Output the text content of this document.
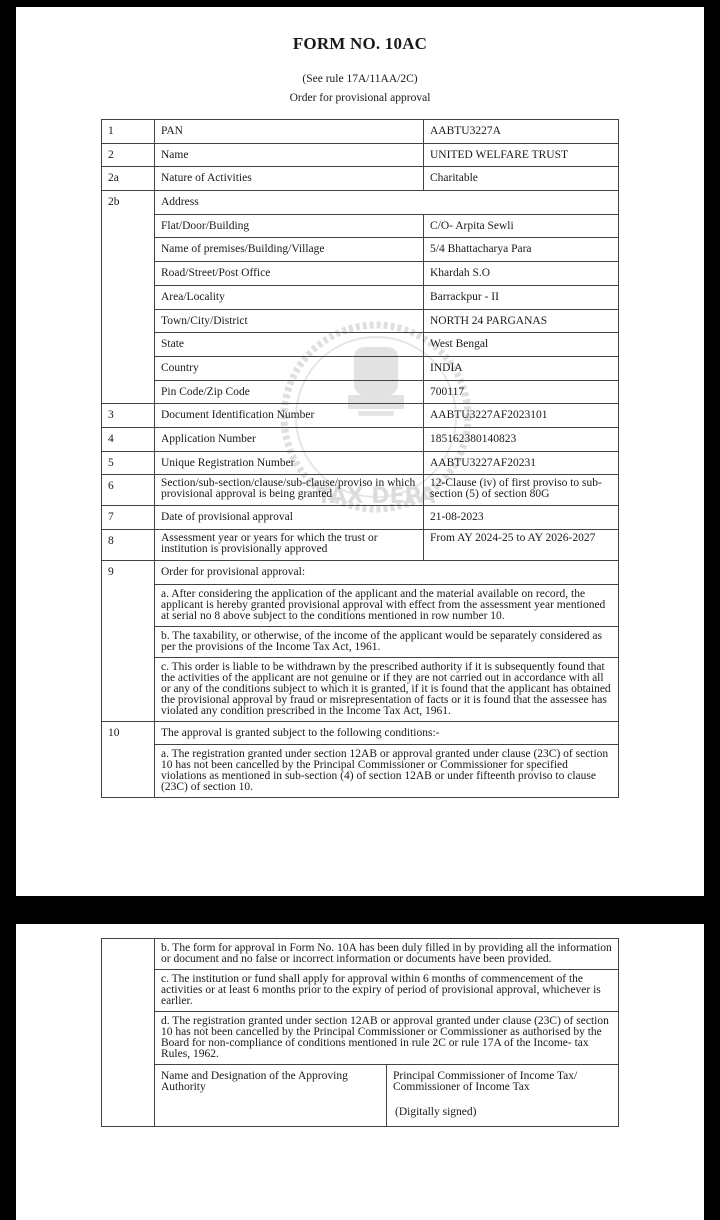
FORM NO. 10AC
(See rule 17A/11AA/2C)
Order for provisional approval
TAX DEPA
1	PAN	AABTU3227A
2	Name	UNITED WELFARE TRUST
2a	Nature of Activities	Charitable
2b	Address	
	Flat/Door/Building	C/O- Arpita Sewli
	Name of premises/Building/Village	5/4 Bhattacharya Para
	Road/Street/Post Office	Khardah S.O
	Area/Locality	Barrackpur - II
	Town/City/District	NORTH 24 PARGANAS
	State	West Bengal
	Country	INDIA
	Pin Code/Zip Code	700117
3	Document Identification Number	AABTU3227AF2023101
4	Application Number	185162380140823
5	Unique Registration Number	AABTU3227AF20231
6	Section/sub-section/clause/sub-clause/proviso in which provisional approval is being granted	12-Clause (iv) of first proviso to sub-section (5) of section 80G
7	Date of provisional approval	21-08-2023
8	Assessment year or years for which the trust or institution is provisionally approved	From AY 2024-25 to AY 2026-2027
9	Order for provisional approval:	
	a. After considering the application of the applicant and the material available on record, the applicant is hereby granted provisional approval with effect from the assessment year mentioned at serial no 8 above subject to the conditions mentioned in row number 10.	
	b. The taxability, or otherwise, of the income of the applicant would be separately considered as per the provisions of the Income Tax Act, 1961.	
	c. This order is liable to be withdrawn by the prescribed authority if it is subsequently found that the activities of the applicant are not genuine or if they are not carried out in accordance with all or any of the conditions subject to which it is granted, if it is found that the applicant has obtained the provisional approval by fraud or misrepresentation of facts or it is found that the assessee has violated any condition prescribed in the Income Tax Act, 1961.	
10	The approval is granted subject to the following conditions:-	
	a. The registration granted under section 12AB or approval granted under clause (23C) of section 10 has not been cancelled by the Principal Commissioner or Commissioner for specified violations as mentioned in sub-section (4) of section 12AB or under fifteenth proviso to clause (23C) of section 10.	
	b. The form for approval in Form No. 10A has been duly filled in by providing all the information or document and no false or incorrect information or documents have been provided.	
	c. The institution or fund shall apply for approval within 6 months of commencement of the activities or at least 6 months prior to the expiry of period of provisional approval, whichever is earlier.	
	d. The registration granted under section 12AB or approval granted under clause (23C) of section 10 has not been cancelled by the Principal Commissioner or Commissioner as authorised by the Board for non-compliance of conditions mentioned in rule 2C or rule 17A of the Income- tax Rules, 1962.	
	Name and Designation of the Approving Authority	Principal Commissioner of Income Tax/ Commissioner of Income Tax
(Digitally signed)
